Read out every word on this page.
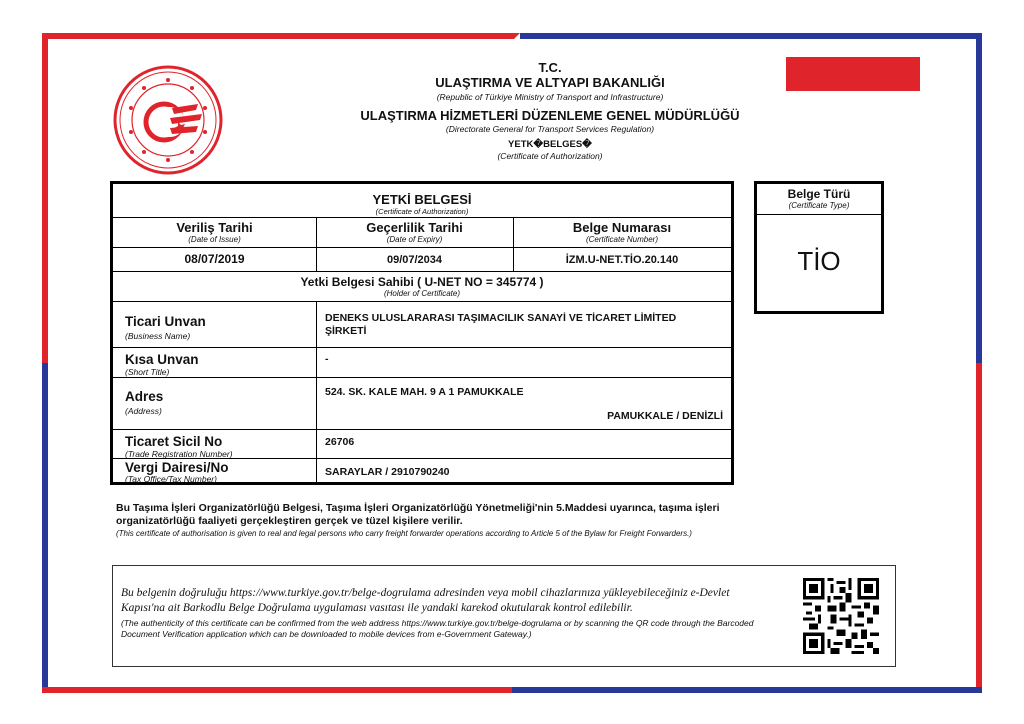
T.C.
ULAŞTIRMA VE ALTYAPI BAKANLIĞI
(Republic of Türkiye Ministry of Transport and Infrastructure)
ULAŞTIRMA HİZMETLERİ DÜZENLEME GENEL MÜDÜRLÜĞÜ
(Directorate General for Transport Services Regulation)
YETK�BELGES�
(Certificate of Authorization)
YETKİ BELGESİ
(Certificate of Authorization)
Veriliş Tarihi
(Date of Issue)
Geçerlilik Tarihi
(Date of Expiry)
Belge Numarası
(Certificate Number)
08/07/2019	09/07/2034	İZM.U-NET.TİO.20.140
Yetki Belgesi Sahibi ( U-NET NO = 345774 )
(Holder of Certificate)
Ticari Unvan
(Business Name)
DENEKS ULUSLARARASI TAŞIMACILIK SANAYİ VE TİCARET LİMİTED ŞİRKETİ
Kısa Unvan
(Short Title)
-
Adres
(Address)
524. SK. KALE MAH. 9 A 1 PAMUKKALE
PAMUKKALE / DENİZLİ
Ticaret Sicil No
(Trade Registration Number)
26706
Vergi Dairesi/No
(Tax Office/Tax Number)
SARAYLAR / 2910790240
Belge Türü
(Certificate Type)
TİO
Bu Taşıma İşleri Organizatörlüğü Belgesi, Taşıma İşleri Organizatörlüğü Yönetmeliği'nin 5.Maddesi uyarınca, taşıma işleri organizatörlüğü faaliyeti gerçekleştiren gerçek ve tüzel kişilere verilir.
(This certificate of authorisation is given to real and legal persons who carry freight forwarder operations according to Article 5 of the Bylaw for Freight Forwarders.)
Bu belgenin doğruluğu https://www.turkiye.gov.tr/belge-dogrulama adresinden veya mobil cihazlarınıza yükleyebileceğiniz e-Devlet Kapısı'na ait Barkodlu Belge Doğrulama uygulaması vasıtası ile yandaki karekod okutularak kontrol edilebilir.
(The authenticity of this certificate can be confirmed from the web address https://www.turkiye.gov.tr/belge-dogrulama or by scanning the QR code through the Barcoded Document Verification application which can be downloaded to mobile devices from e-Government Gateway.)
